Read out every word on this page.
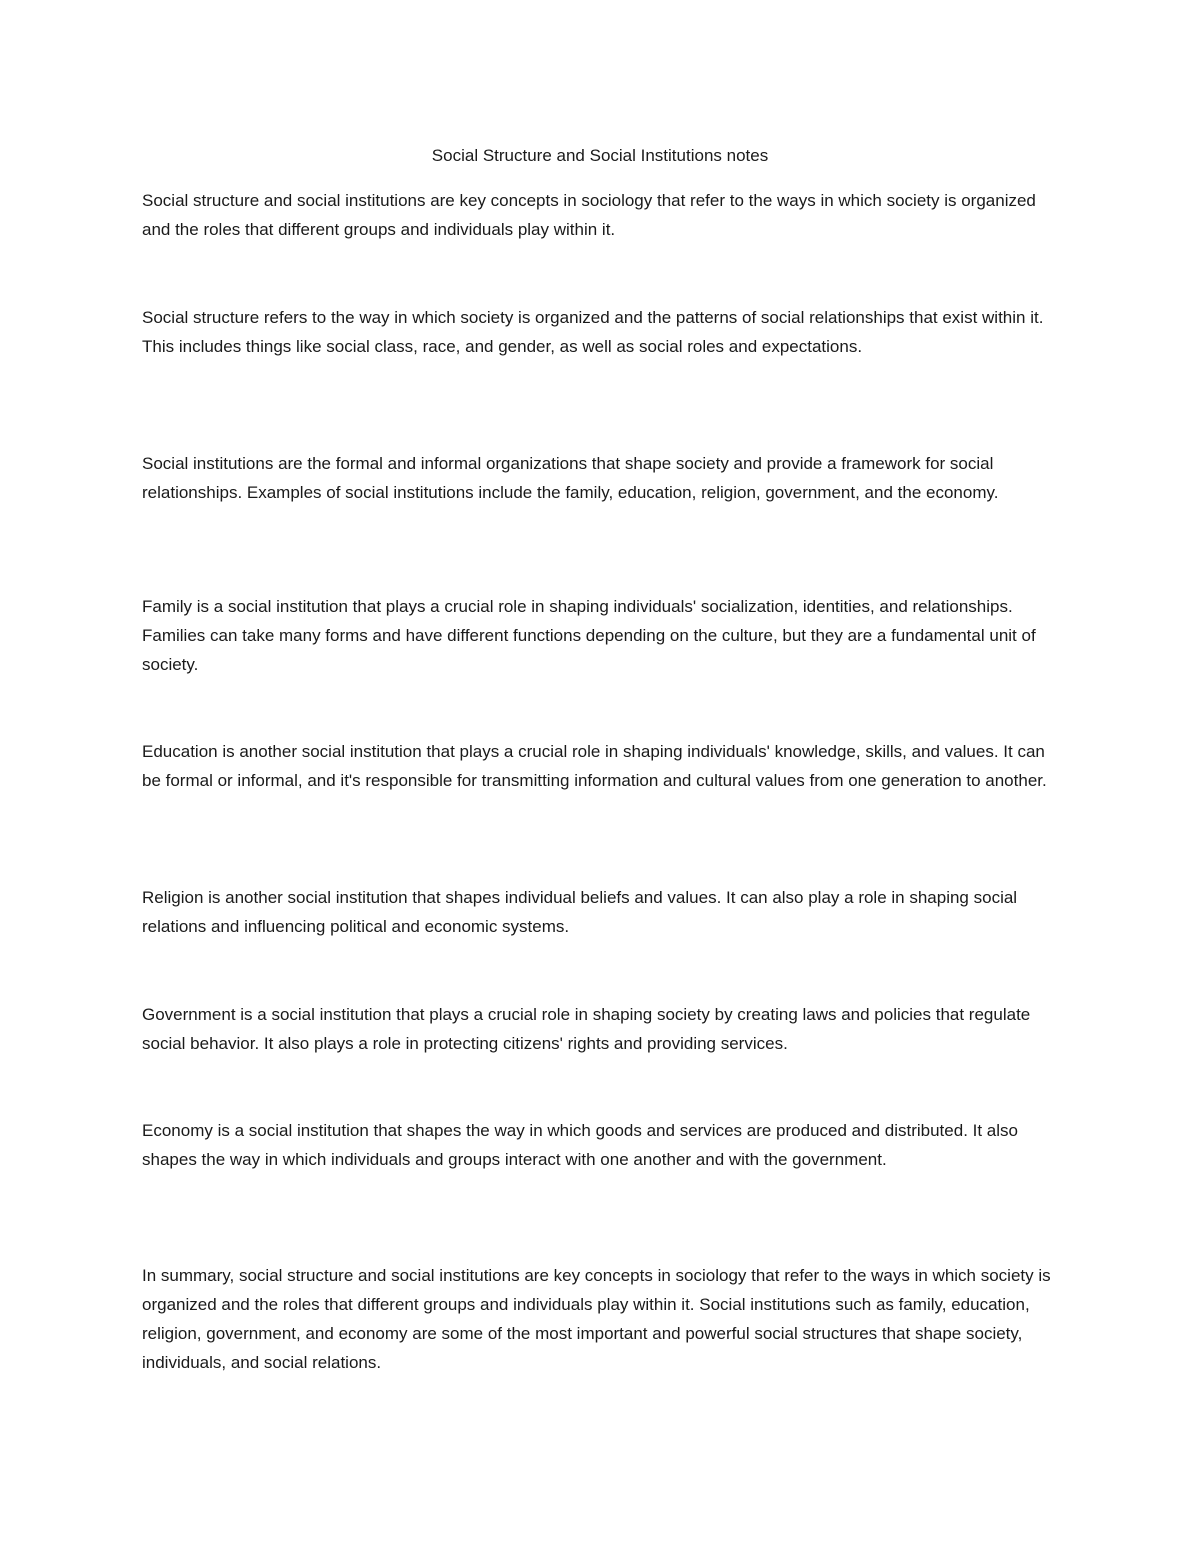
Social Structure and Social Institutions notes

Social structure and social institutions are key concepts in sociology that refer to the ways in which society is organized and the roles that different groups and individuals play within it.

Social structure refers to the way in which society is organized and the patterns of social relationships that exist within it. This includes things like social class, race, and gender, as well as social roles and expectations.

Social institutions are the formal and informal organizations that shape society and provide a framework for social relationships. Examples of social institutions include the family, education, religion, government, and the economy.

Family is a social institution that plays a crucial role in shaping individuals' socialization, identities, and relationships. Families can take many forms and have different functions depending on the culture, but they are a fundamental unit of society.

Education is another social institution that plays a crucial role in shaping individuals' knowledge, skills, and values. It can be formal or informal, and it's responsible for transmitting information and cultural values from one generation to another.

Religion is another social institution that shapes individual beliefs and values. It can also play a role in shaping social relations and influencing political and economic systems.

Government is a social institution that plays a crucial role in shaping society by creating laws and policies that regulate social behavior. It also plays a role in protecting citizens' rights and providing services.

Economy is a social institution that shapes the way in which goods and services are produced and distributed. It also shapes the way in which individuals and groups interact with one another and with the government.

In summary, social structure and social institutions are key concepts in sociology that refer to the ways in which society is organized and the roles that different groups and individuals play within it. Social institutions such as family, education, religion, government, and economy are some of the most important and powerful social structures that shape society, individuals, and social relations.
